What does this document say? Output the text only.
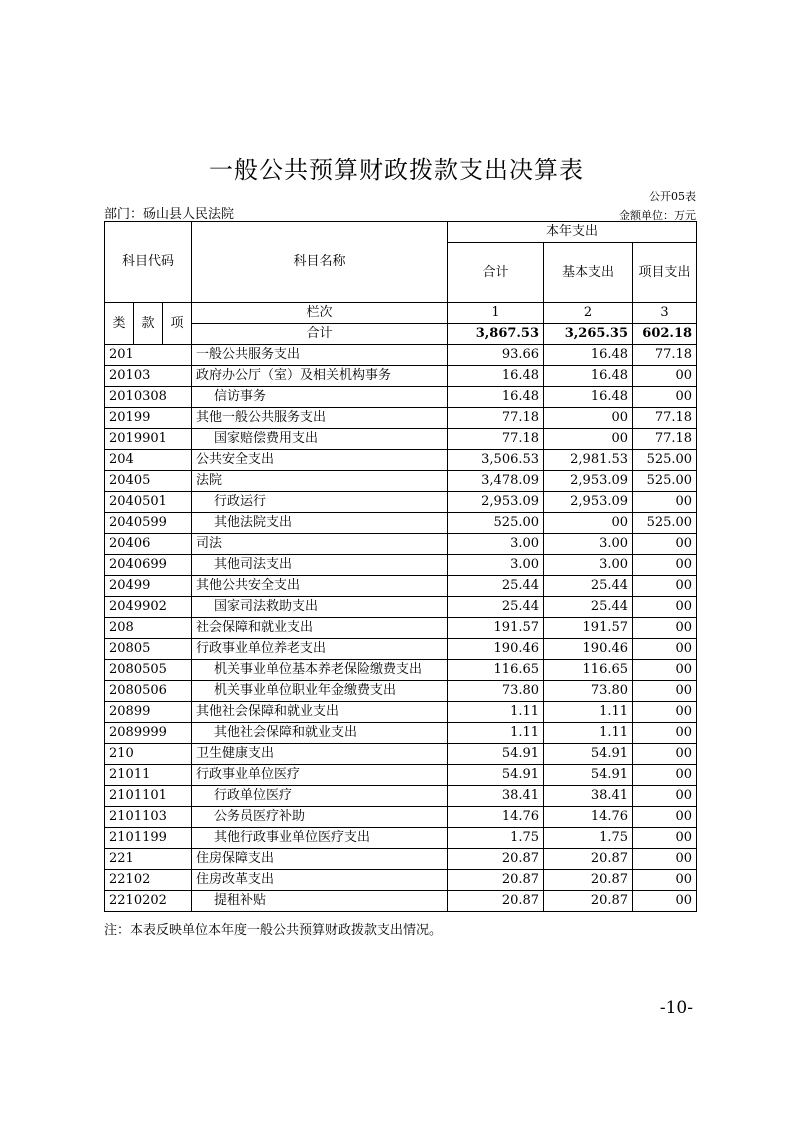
一般公共预算财政拨款支出决算表
公开05表
部门：砀山县人民法院	金额单位：万元
科目代码			科目名称	本年支出		
				合计	基本支出	项目支出
类	款	项	栏次	1	2	3
			合计	3,867.53	3,265.35	602.18
201			一般公共服务支出	93.66	16.48	77.18
20103			政府办公厅（室）及相关机构事务	16.48	16.48	00
2010308			信访事务	16.48	16.48	00
20199			其他一般公共服务支出	77.18	00	77.18
2019901			国家赔偿费用支出	77.18	00	77.18
204			公共安全支出	3,506.53	2,981.53	525.00
20405			法院	3,478.09	2,953.09	525.00
2040501			行政运行	2,953.09	2,953.09	00
2040599			其他法院支出	525.00	00	525.00
20406			司法	3.00	3.00	00
2040699			其他司法支出	3.00	3.00	00
20499			其他公共安全支出	25.44	25.44	00
2049902			国家司法救助支出	25.44	25.44	00
208			社会保障和就业支出	191.57	191.57	00
20805			行政事业单位养老支出	190.46	190.46	00
2080505			机关事业单位基本养老保险缴费支出	116.65	116.65	00
2080506			机关事业单位职业年金缴费支出	73.80	73.80	00
20899			其他社会保障和就业支出	1.11	1.11	00
2089999			其他社会保障和就业支出	1.11	1.11	00
210			卫生健康支出	54.91	54.91	00
21011			行政事业单位医疗	54.91	54.91	00
2101101			行政单位医疗	38.41	38.41	00
2101103			公务员医疗补助	14.76	14.76	00
2101199			其他行政事业单位医疗支出	1.75	1.75	00
221			住房保障支出	20.87	20.87	00
22102			住房改革支出	20.87	20.87	00
2210202			提租补贴	20.87	20.87	00
注：本表反映单位本年度一般公共预算财政拨款支出情况。
-10-
